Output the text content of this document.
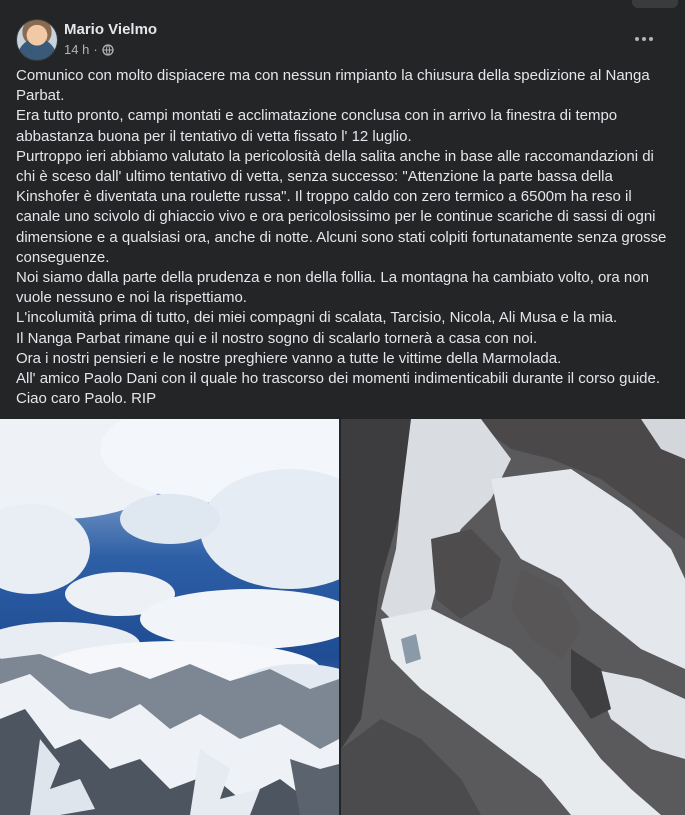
Mario Vielmo
14 h ·

Comunico con molto dispiacere ma con nessun rimpianto la chiusura della spedizione al Nanga Parbat.

Era tutto pronto, campi montati e acclimatazione conclusa con in arrivo la finestra di tempo abbastanza buona per il tentativo di vetta fissato l' 12 luglio.

Purtroppo ieri abbiamo valutato la pericolosità della salita anche in base alle raccomandazioni di chi è sceso dall' ultimo tentativo di vetta, senza successo: "Attenzione la parte bassa della Kinshofer è diventata una roulette russa". Il troppo caldo con zero termico a 6500m ha reso il canale uno scivolo di ghiaccio vivo e ora pericolosissimo per le continue scariche di sassi di ogni dimensione e a qualsiasi ora, anche di notte. Alcuni sono stati colpiti fortunatamente senza grosse conseguenze.

Noi siamo dalla parte della prudenza e non della follia. La montagna ha cambiato volto, ora non vuole nessuno e noi la rispettiamo.

L'incolumità prima di tutto, dei miei compagni di scalata, Tarcisio, Nicola, Ali Musa e la mia.

Il Nanga Parbat rimane qui e il nostro sogno di scalarlo tornerà a casa con noi.

Ora i nostri pensieri e le nostre preghiere vanno a tutte le vittime della Marmolada.

All' amico Paolo Dani con il quale ho trascorso dei momenti indimenticabili durante il corso guide. Ciao caro Paolo. RIP
